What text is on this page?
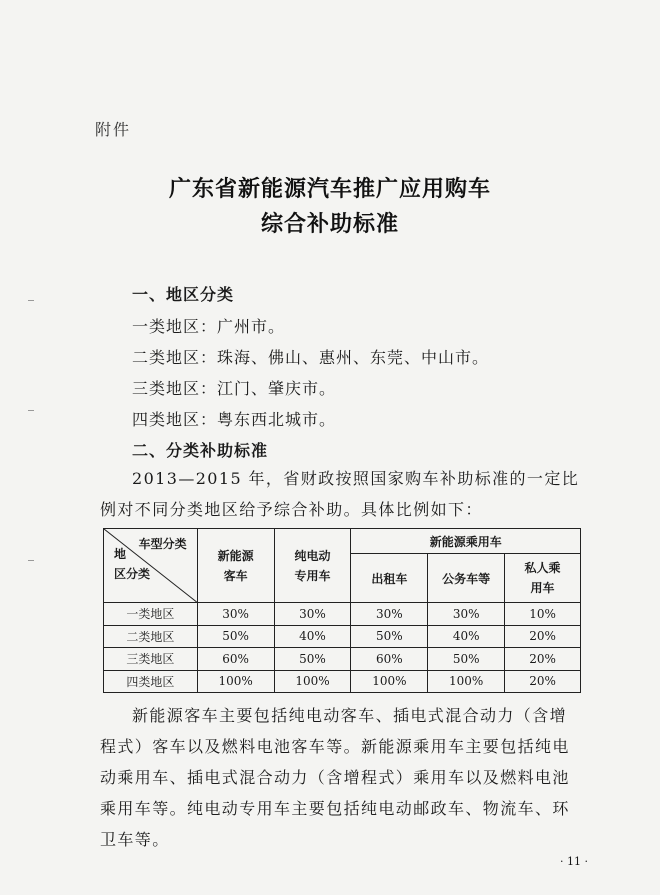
附件
广东省新能源汽车推广应用购车
综合补助标准
一、地区分类
一类地区：广州市。
二类地区：珠海、佛山、惠州、东莞、中山市。
三类地区：江门、肇庆市。
四类地区：粤东西北城市。
二、分类补助标准

2013—2015 年，省财政按照国家购车补助标准的一定比例对不同分类地区给予综合补助。具体比例如下：

车型分类
地
区分类	新能源客车	纯电动专用车	新能源乘用车		
			出租车	公务车等	私人乘用车
一类地区	30%	30%	30%	30%	10%
二类地区	50%	40%	50%	40%	20%
三类地区	60%	50%	60%	50%	20%
四类地区	100%	100%	100%	100%	20%

新能源客车主要包括纯电动客车、插电式混合动力（含增程式）客车以及燃料电池客车等。新能源乘用车主要包括纯电动乘用车、插电式混合动力（含增程式）乘用车以及燃料电池乘用车等。纯电动专用车主要包括纯电动邮政车、物流车、环卫车等。

· 11 ·
